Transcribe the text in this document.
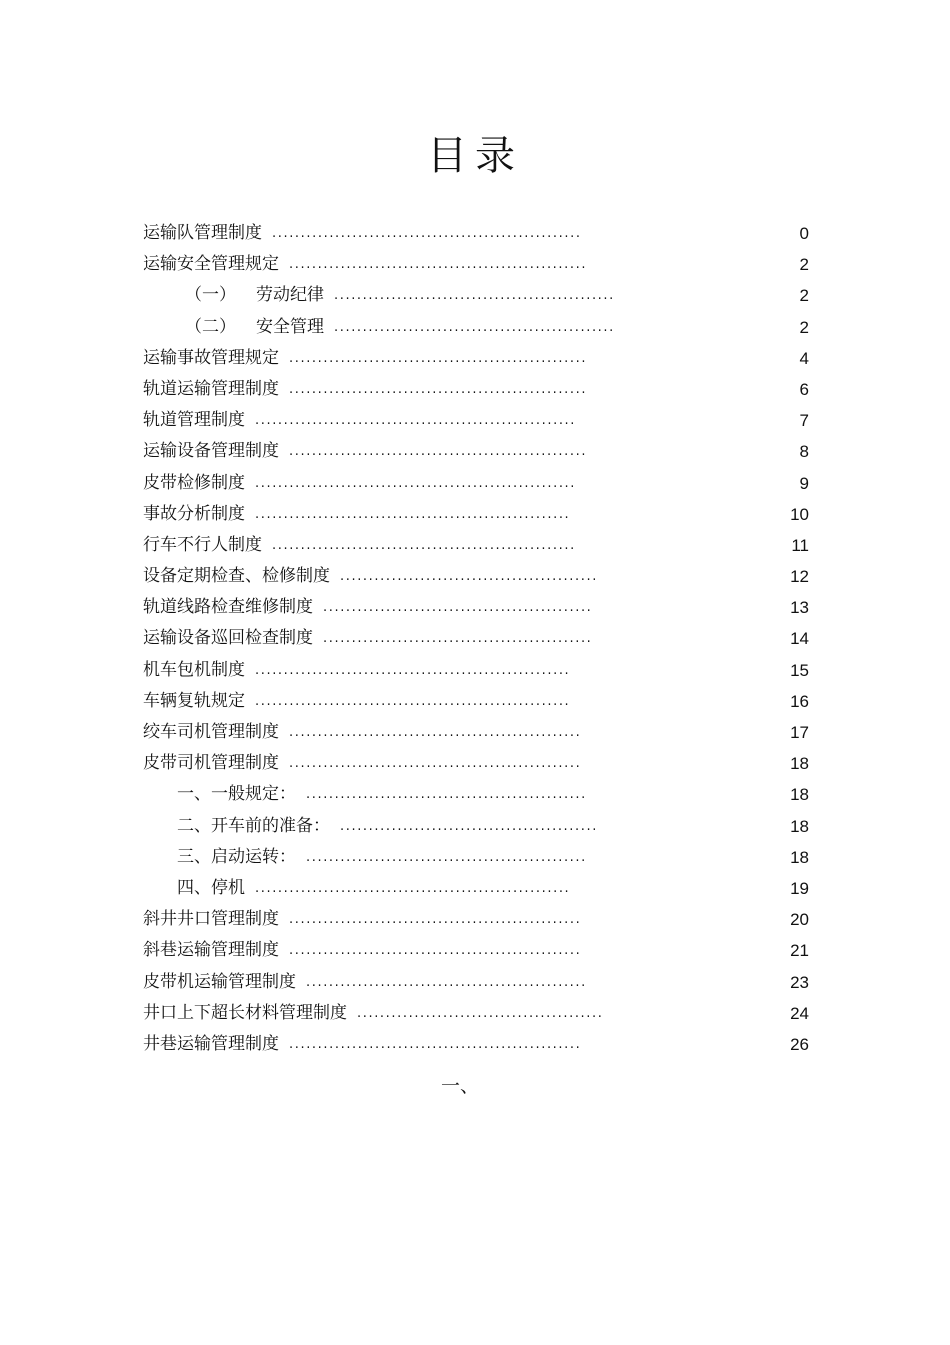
目录
运输队管理制度 ......................................................	0
运输安全管理规定 ....................................................	2
（一） 劳动纪律 .................................................	2
（二） 安全管理 .................................................	2
运输事故管理规定 ....................................................	4
轨道运输管理制度 ....................................................	6
轨道管理制度 ........................................................	7
运输设备管理制度 ....................................................	8
皮带检修制度 ........................................................	9
事故分析制度 .......................................................	10
行车不行人制度 .....................................................	11
设备定期检查、检修制度 .............................................	12
轨道线路检查维修制度 ...............................................	13
运输设备巡回检查制度 ...............................................	14
机车包机制度 .......................................................	15
车辆复轨规定 .......................................................	16
绞车司机管理制度 ...................................................	17
皮带司机管理制度 ...................................................	18
一、一般规定： .................................................	18
二、开车前的准备： .............................................	18
三、启动运转： .................................................	18
四、停机 .......................................................	19
斜井井口管理制度 ...................................................	20
斜巷运输管理制度 ...................................................	21
皮带机运输管理制度 .................................................	23
井口上下超长材料管理制度 ...........................................	24
井巷运输管理制度 ...................................................	26
一、
